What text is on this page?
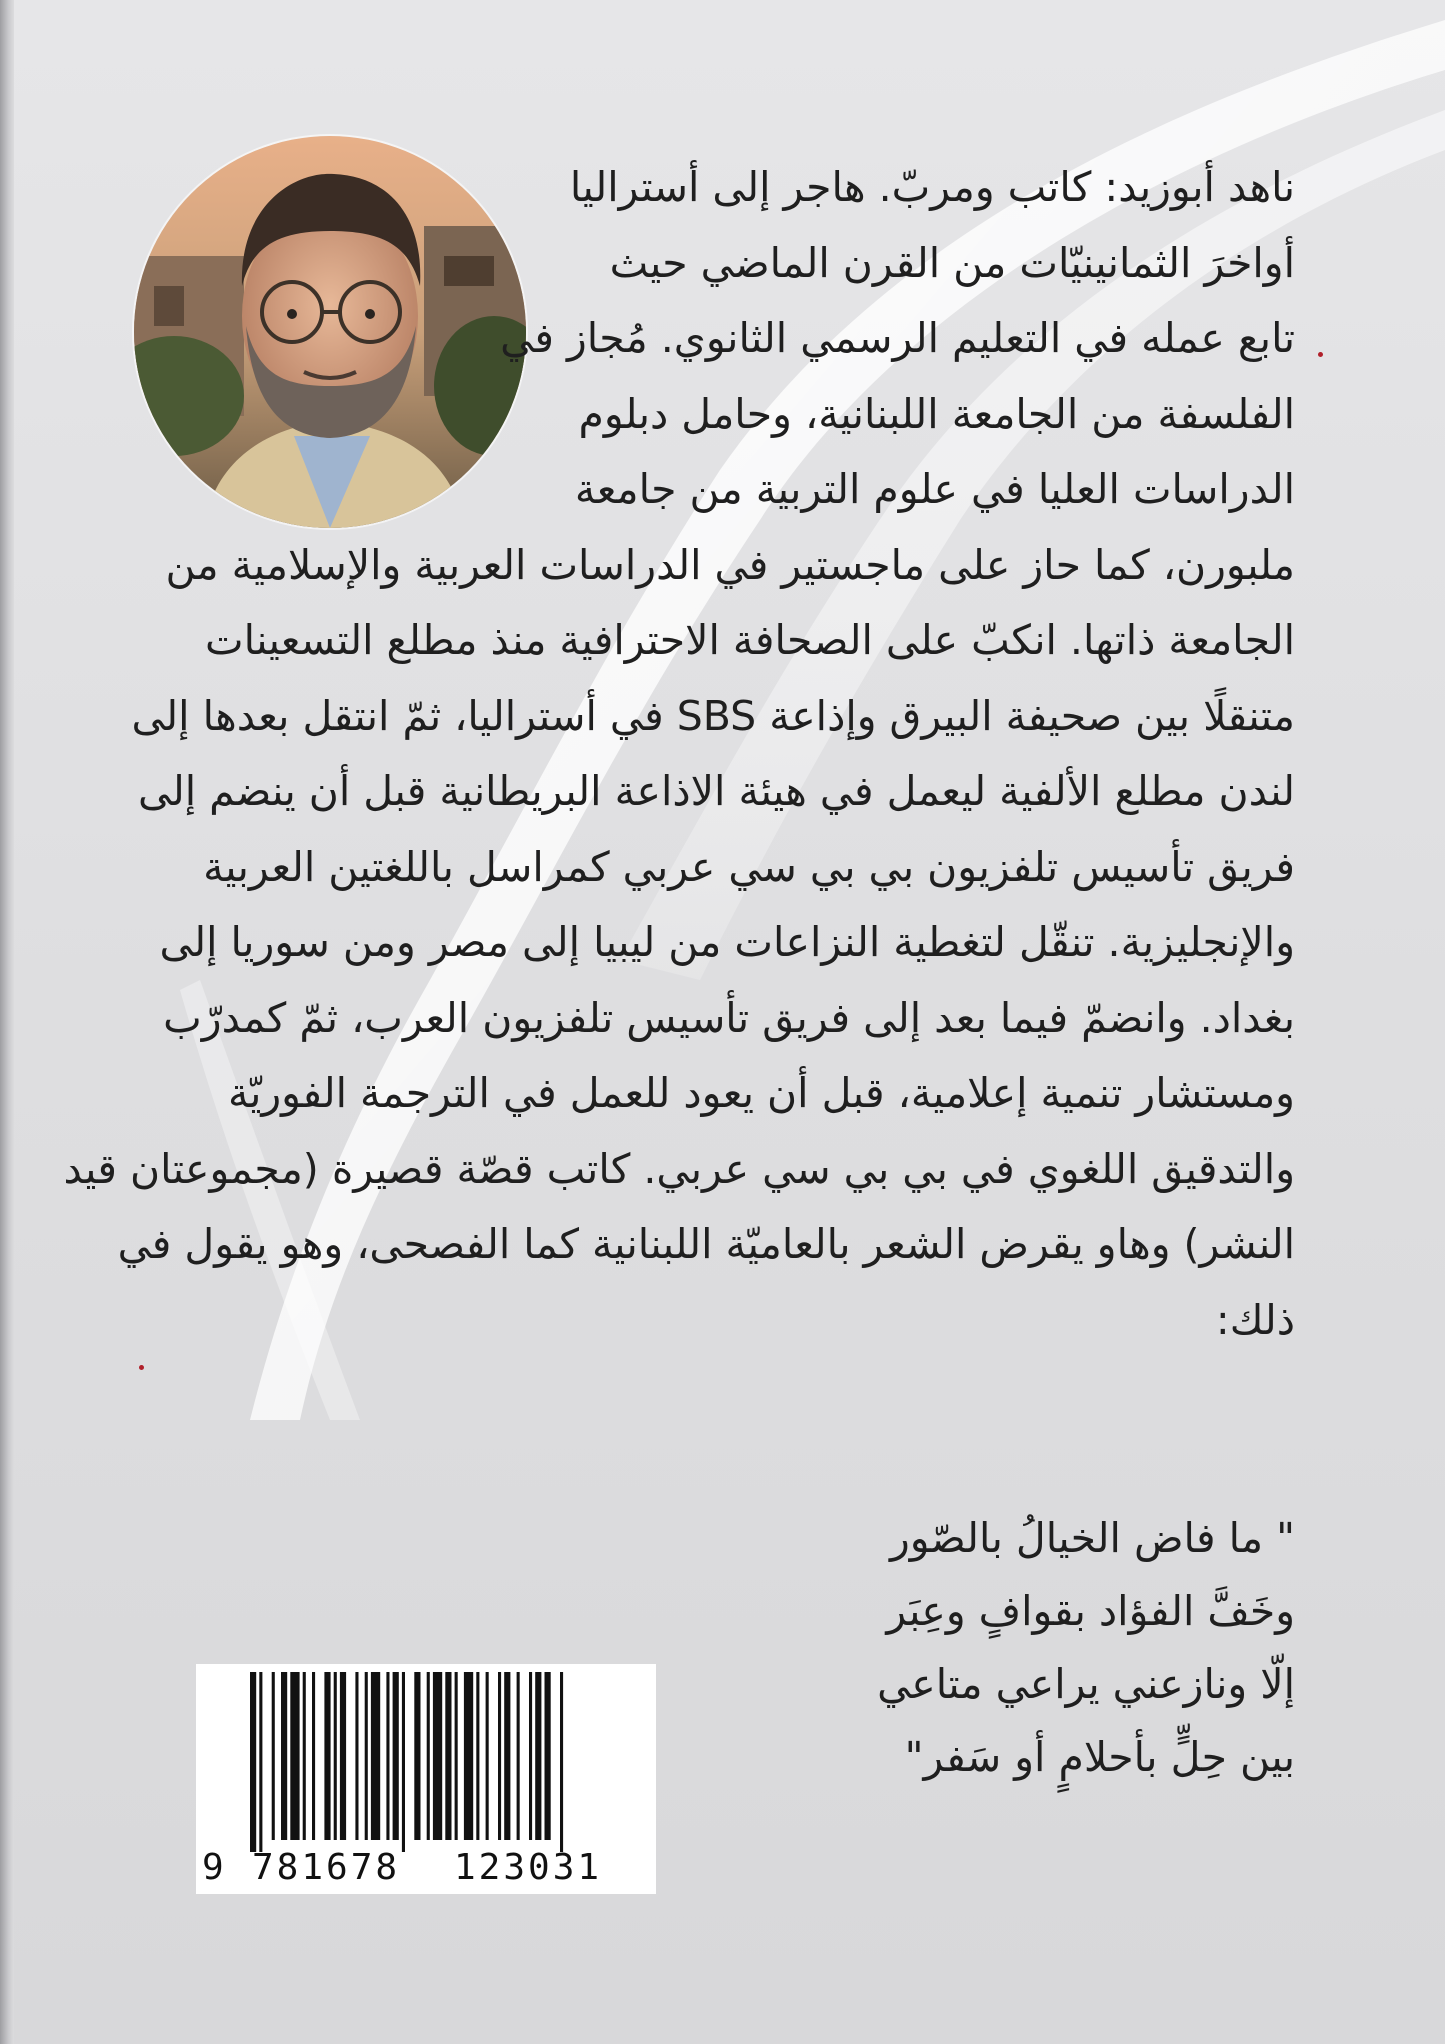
ناهد أبوزيد: كاتب ومربّ. هاجر إلى أستراليا
أواخرَ الثمانينيّات من القرن الماضي حيث
تابع عمله في التعليم الرسمي الثانوي. مُجاز في
الفلسفة من الجامعة اللبنانية، وحامل دبلوم
الدراسات العليا في علوم التربية من جامعة
ملبورن، كما حاز على ماجستير في الدراسات العربية والإسلامية من
الجامعة ذاتها. انكبّ على الصحافة الاحترافية منذ مطلع التسعينات
متنقلًا بين صحيفة البيرق وإذاعة SBS في أستراليا، ثمّ انتقل بعدها إلى
لندن مطلع الألفية ليعمل في هيئة الاذاعة البريطانية قبل أن ينضم إلى
فريق تأسيس تلفزيون بي بي سي عربي كمراسل باللغتين العربية
والإنجليزية. تنقّل لتغطية النزاعات من ليبيا إلى مصر ومن سوريا إلى
بغداد. وانضمّ فيما بعد إلى فريق تأسيس تلفزيون العرب، ثمّ كمدرّب
ومستشار تنمية إعلامية، قبل أن يعود للعمل في الترجمة الفوريّة
والتدقيق اللغوي في بي بي سي عربي. كاتب قصّة قصيرة (مجموعتان قيد
النشر) وهاو يقرض الشعر بالعاميّة اللبنانية كما الفصحى، وهو يقول في
ذلك:
" ما فاض الخيالُ بالصّور
وخَفَّ الفؤاد بقوافٍ وعِبَر
إلّا ونازعني يراعي متاعي
بين حِلٍّ بأحلامٍ أو سَفر"
9 781678 123031
